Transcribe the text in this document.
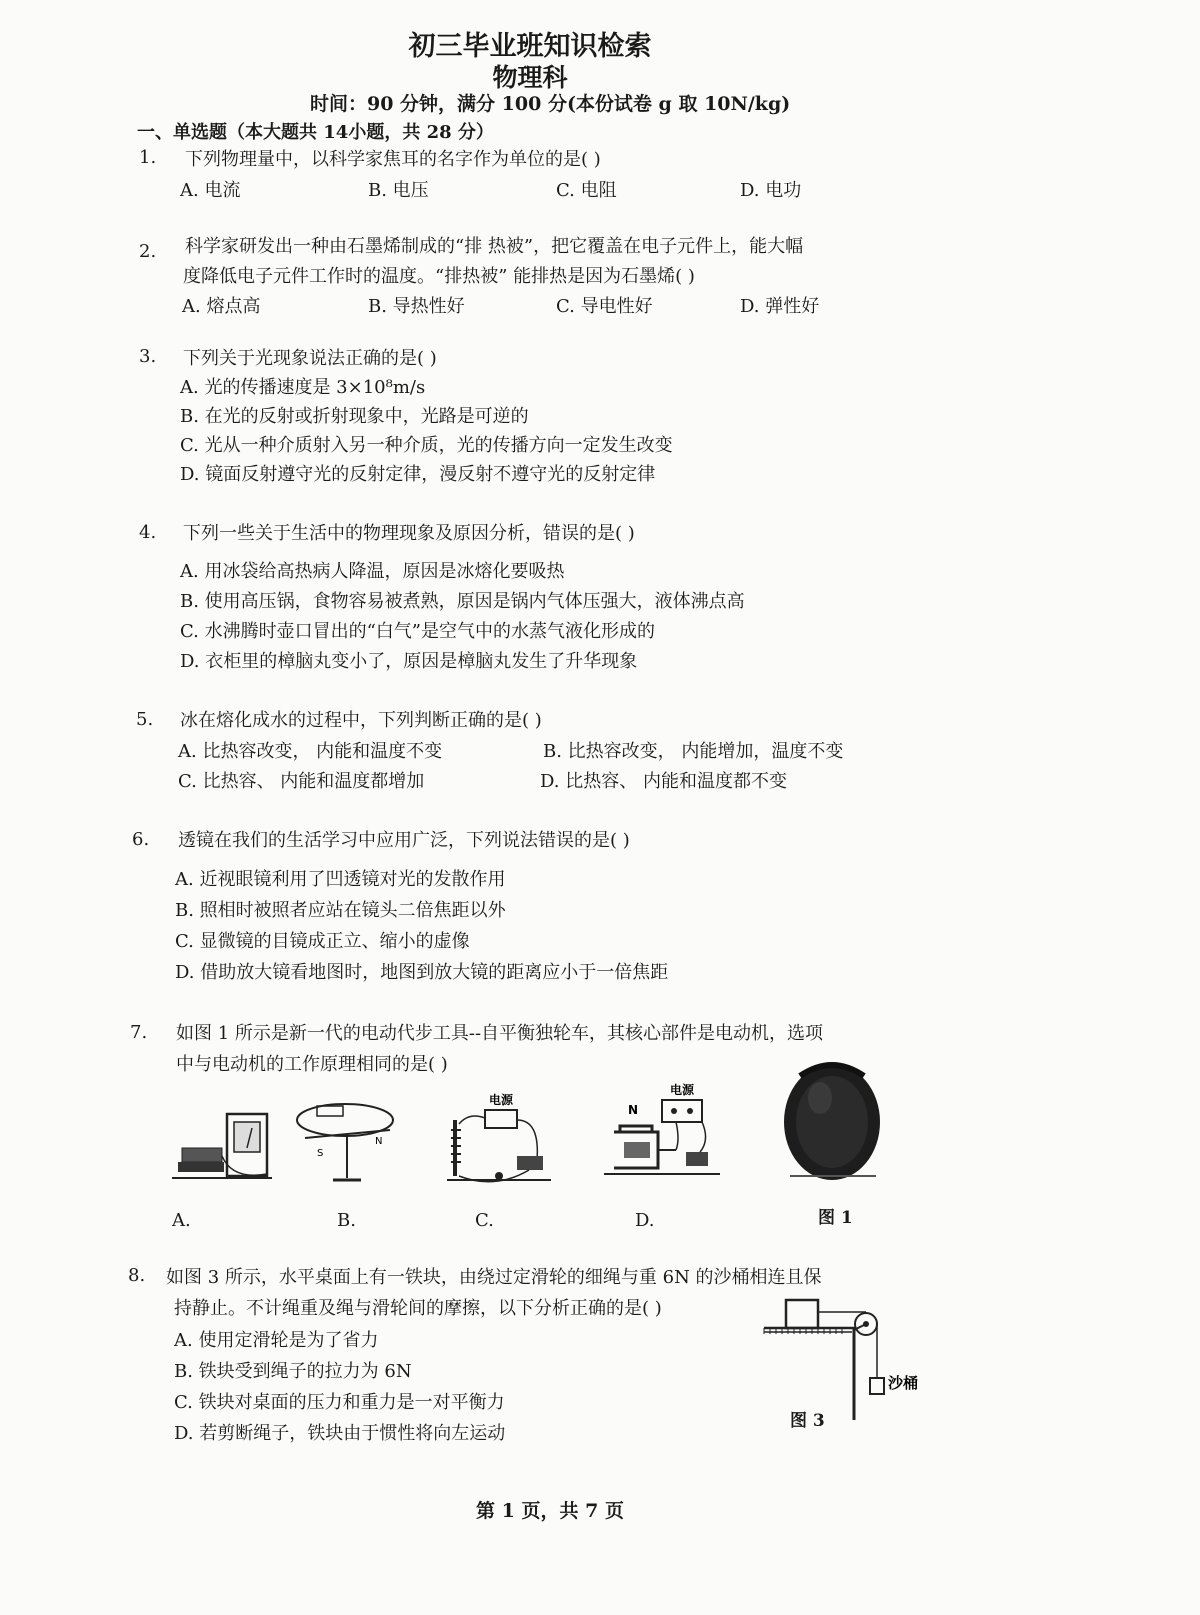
初三毕业班知识检索
物理科
时间：90 分钟，满分 100 分(本份试卷 g 取 10N/kg)
一、单选题（本大题共 14小题，共 28 分）
1. 下列物理量中，以科学家焦耳的名字作为单位的是( )
A. 电流	B. 电压	C. 电阻	D. 电功
2. 科学家研发出一种由石墨烯制成的“排 热被”，把它覆盖在电子元件上，能大幅
度降低电子元件工作时的温度。“排热被” 能排热是因为石墨烯( )
A. 熔点高	B. 导热性好	C. 导电性好	D. 弹性好
3. 下列关于光现象说法正确的是( )
A. 光的传播速度是 3×10⁸m/s
B. 在光的反射或折射现象中，光路是可逆的
C. 光从一种介质射入另一种介质，光的传播方向一定发生改变
D. 镜面反射遵守光的反射定律，漫反射不遵守光的反射定律
4. 下列一些关于生活中的物理现象及原因分析，错误的是( )
A. 用冰袋给高热病人降温，原因是冰熔化要吸热
B. 使用高压锅，食物容易被煮熟，原因是锅内气体压强大，液体沸点高
C. 水沸腾时壶口冒出的“白气”是空气中的水蒸气液化形成的
D. 衣柜里的樟脑丸变小了，原因是樟脑丸发生了升华现象
5. 冰在熔化成水的过程中，下列判断正确的是( )
A. 比热容改变， 内能和温度不变	B. 比热容改变， 内能增加，温度不变
C. 比热容、 内能和温度都增加	D. 比热容、 内能和温度都不变
6. 透镜在我们的生活学习中应用广泛，下列说法错误的是( )
A. 近视眼镜利用了凹透镜对光的发散作用
B. 照相时被照者应站在镜头二倍焦距以外
C. 显微镜的目镜成正立、缩小的虚像
D. 借助放大镜看地图时，地图到放大镜的距离应小于一倍焦距
7. 如图 1 所示是新一代的电动代步工具--自平衡独轮车，其核心部件是电动机，选项
中与电动机的工作原理相同的是( )
S
N
电源
电源
N
A.	B.	C.	D.	图 1
8. 如图 3 所示，水平桌面上有一铁块，由绕过定滑轮的细绳与重 6N 的沙桶相连且保
持静止。不计绳重及绳与滑轮间的摩擦，以下分析正确的是( )
A. 使用定滑轮是为了省力
B. 铁块受到绳子的拉力为 6N
C. 铁块对桌面的压力和重力是一对平衡力
D. 若剪断绳子，铁块由于惯性将向左运动
沙桶
图 3
第 1 页，共 7 页
